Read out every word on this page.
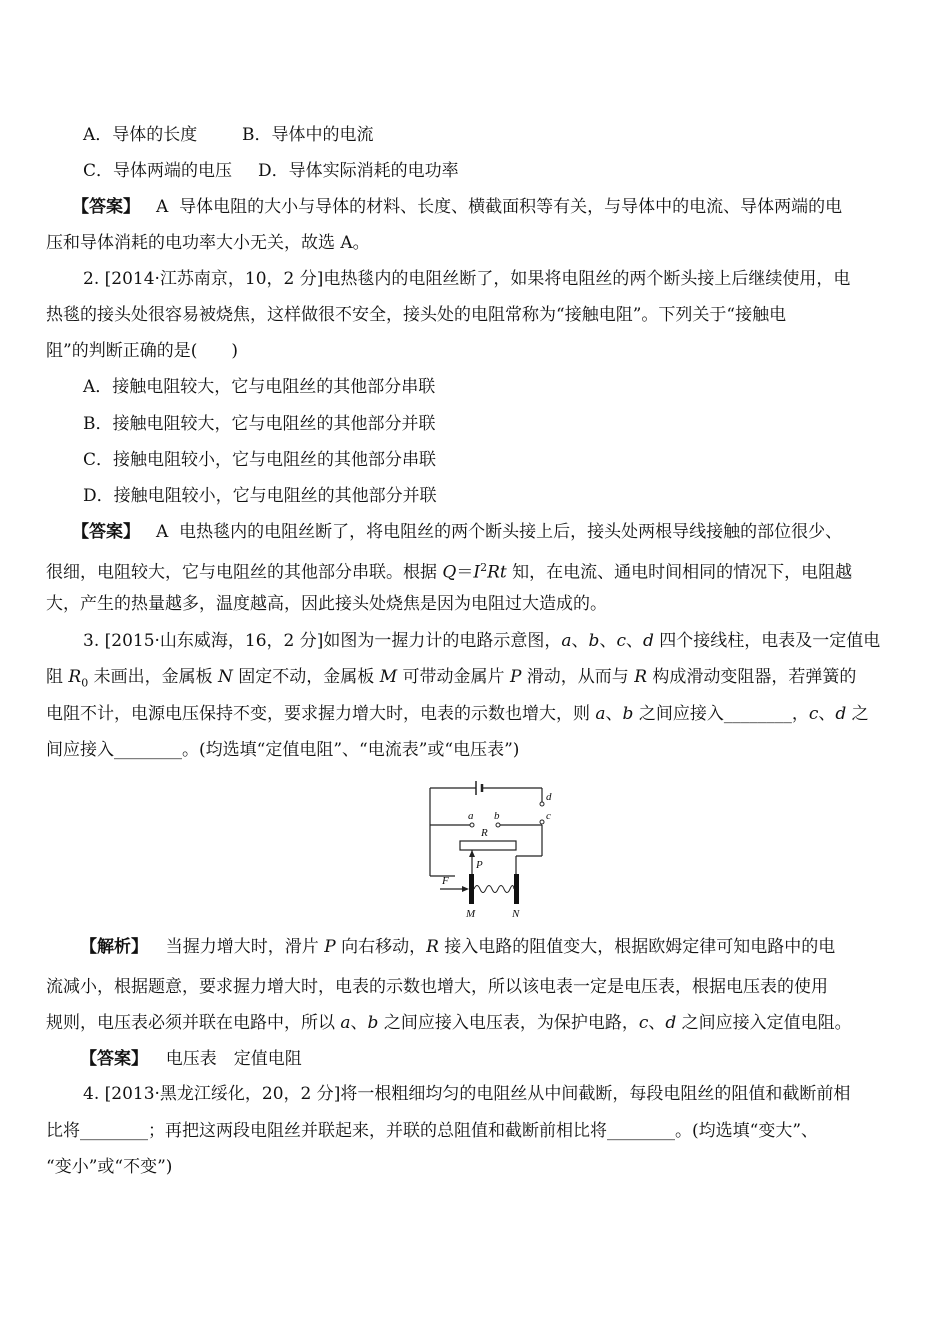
A．导体的长度	B．导体中的电流
C．导体两端的电压 D．导体实际消耗的电功率
【答案】 A  导体电阻的大小与导体的材料、长度、横截面积等有关，与导体中的电流、导体两端的电
压和导体消耗的电功率大小无关，故选 A。
2. [2014·江苏南京，10，2 分]电热毯内的电阻丝断了，如果将电阻丝的两个断头接上后继续使用，电
热毯的接头处很容易被烧焦，这样做很不安全，接头处的电阻常称为“接触电阻”。下列关于“接触电
阻”的判断正确的是(　　)
A．接触电阻较大，它与电阻丝的其他部分串联
B．接触电阻较大，它与电阻丝的其他部分并联
C．接触电阻较小，它与电阻丝的其他部分串联
D．接触电阻较小，它与电阻丝的其他部分并联
【答案】 A  电热毯内的电阻丝断了，将电阻丝的两个断头接上后，接头处两根导线接触的部位很少、
很细，电阻较大，它与电阻丝的其他部分串联。根据 $Q=I^2Rt$ 知，在电流、通电时间相同的情况下，电阻越
大，产生的热量越多，温度越高，因此接头处烧焦是因为电阻过大造成的。
3. [2015·山东威海，16，2 分]如图为一握力计的电路示意图，a、b、c、d 四个接线柱，电表及一定值电
阻 $R_0$ 未画出，金属板 N 固定不动，金属板 M 可带动金属片 P 滑动，从而与 R 构成滑动变阻器，若弹簧的
电阻不计，电源电压保持不变，要求握力增大时，电表的示数也增大，则 a、b 之间应接入________，c、d 之
间应接入________。(均选填“定值电阻”、“电流表”或“电压表”)
d
c
a b
R
P
F
M	N
【解析】 当握力增大时，滑片 P 向右移动，R 接入电路的阻值变大，根据欧姆定律可知电路中的电
流减小，根据题意，要求握力增大时，电表的示数也增大，所以该电表一定是电压表，根据电压表的使用
规则，电压表必须并联在电路中，所以 a、b 之间应接入电压表，为保护电路，c、d 之间应接入定值电阻。
【答案】 电压表　定值电阻
4. [2013·黑龙江绥化，20，2 分]将一根粗细均匀的电阻丝从中间截断，每段电阻丝的阻值和截断前相
比将________；再把这两段电阻丝并联起来，并联的总阻值和截断前相比将________。(均选填“变大”、
“变小”或“不变”)
